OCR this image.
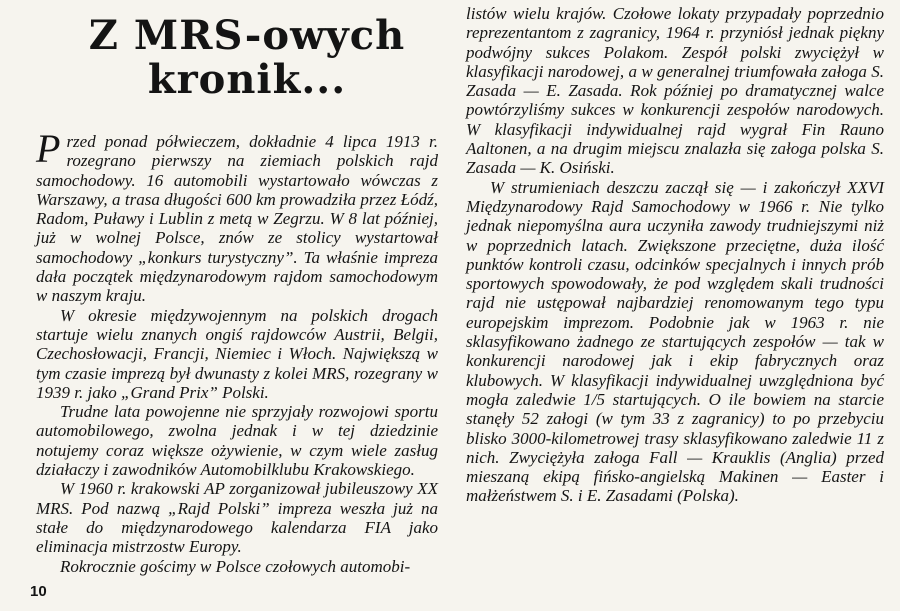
Z MRS-owych
kronik...

Przed ponad półwieczem, dokładnie 4 lipca 1913 r. rozegrano pierwszy na ziemiach polskich rajd samochodowy. 16 automobili wystartowało wówczas z Warszawy, a trasa długości 600 km prowadziła przez Łódź, Radom, Puławy i Lublin z metą w Zegrzu. W 8 lat później, już w wolnej Polsce, znów ze stolicy wystartował samochodowy „konkurs turystyczny”. Ta właśnie impreza dała początek międzynarodowym rajdom samochodowym w naszym kraju.

W okresie międzywojennym na polskich drogach startuje wielu znanych ongiś rajdowców Austrii, Belgii, Czechosłowacji, Francji, Niemiec i Włoch. Największą w tym czasie imprezą był dwunasty z kolei MRS, rozegrany w 1939 r. jako „Grand Prix” Polski.

Trudne lata powojenne nie sprzyjały rozwojowi sportu automobilowego, zwolna jednak i w tej dziedzinie notujemy coraz większe ożywienie, w czym wiele zasług działaczy i zawodników Automobilklubu Krakowskiego.

W 1960 r. krakowski AP zorganizował jubileuszowy XX MRS. Pod nazwą „Rajd Polski” impreza weszła już na stałe do międzynarodowego kalendarza FIA jako eliminacja mistrzostw Europy.

Rokrocznie gościmy w Polsce czołowych automobi-

listów wielu krajów. Czołowe lokaty przypadały poprzednio reprezentantom z zagranicy, 1964 r. przyniósł jednak piękny podwójny sukces Polakom. Zespół polski zwyciężył w klasyfikacji narodowej, a w generalnej triumfowała załoga S. Zasada — E. Zasada. Rok później po dramatycznej walce powtórzyliśmy sukces w konkurencji zespołów narodowych. W klasyfikacji indywidualnej rajd wygrał Fin Rauno Aaltonen, a na drugim miejscu znalazła się załoga polska S. Zasada — K. Osiński.

W strumieniach deszczu zaczął się — i zakończył XXVI Międzynarodowy Rajd Samochodowy w 1966 r. Nie tylko jednak niepomyślna aura uczyniła zawody trudniejszymi niż w poprzednich latach. Zwiększone przeciętne, duża ilość punktów kontroli czasu, odcinków specjalnych i innych prób sportowych spowodowały, że pod względem skali trudności rajd nie ustępował najbardziej renomowanym tego typu europejskim imprezom. Podobnie jak w 1963 r. nie sklasyfikowano żadnego ze startujących zespołów — tak w konkurencji narodowej jak i ekip fabrycznych oraz klubowych. W klasyfikacji indywidualnej uwzględniona być mogła zaledwie 1/5 startujących. O ile bowiem na starcie stanęły 52 załogi (w tym 33 z zagranicy) to po przebyciu blisko 3000-kilometrowej trasy sklasyfikowano zaledwie 11 z nich. Zwyciężyła załoga Fall — Krauklis (Anglia) przed mieszaną ekipą fińsko-angielską Makinen — Easter i małżeństwem S. i E. Zasadami (Polska).

10
